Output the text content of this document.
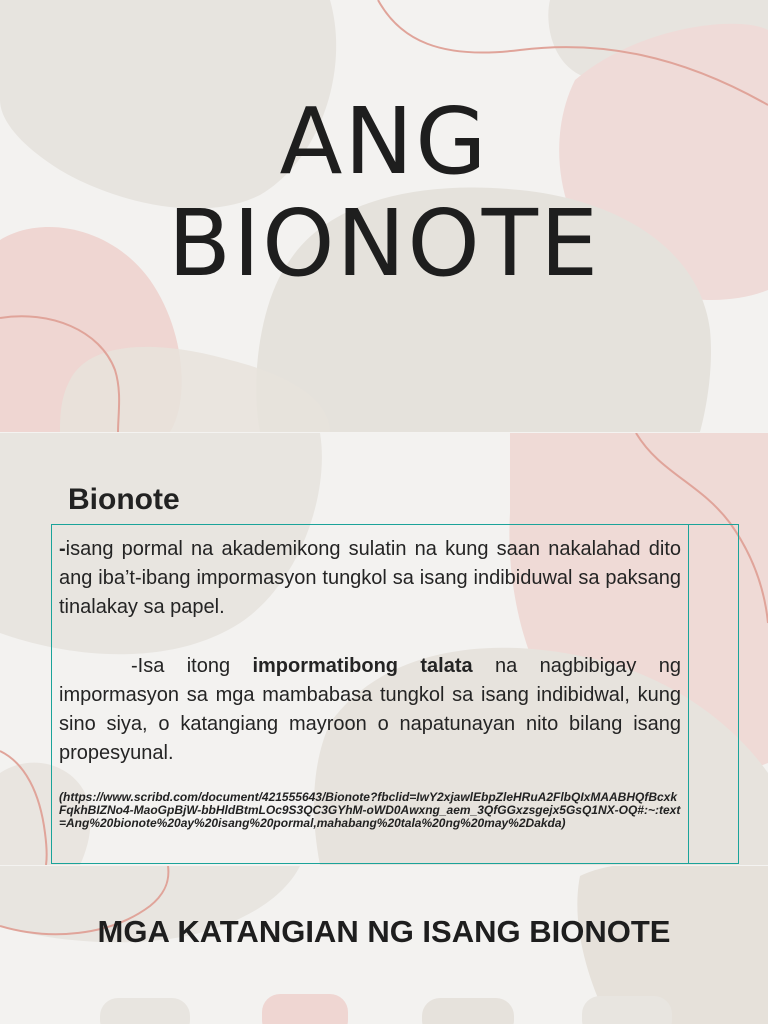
ANG
BIONOTE
Bionote

-isang pormal na akademikong sulatin na kung saan nakalahad dito ang iba’t-ibang impormasyon tungkol sa isang indibiduwal sa paksang tinalakay sa papel.

-Isa itong impormatibong talata na nagbibigay ng impormasyon sa mga mambabasa tungkol sa isang indibidwal, kung sino siya, o katangiang mayroon o napatunayan nito bilang isang propesyunal.

(https://www.scribd.com/document/421555643/Bionote?fbclid=IwY2xjawlEbpZleHRuA2FlbQIxMAABHQfBcxkFqkhBIZNo4-MaoGpBjW-bbHldBtmLOc9S3QC3GYhM-oWD0Awxng_aem_3QfGGxzsgejx5GsQ1NX-OQ#:~:text=Ang%20bionote%20ay%20isang%20pormal,mahabang%20tala%20ng%20may%2Dakda)
MGA KATANGIAN NG ISANG BIONOTE
